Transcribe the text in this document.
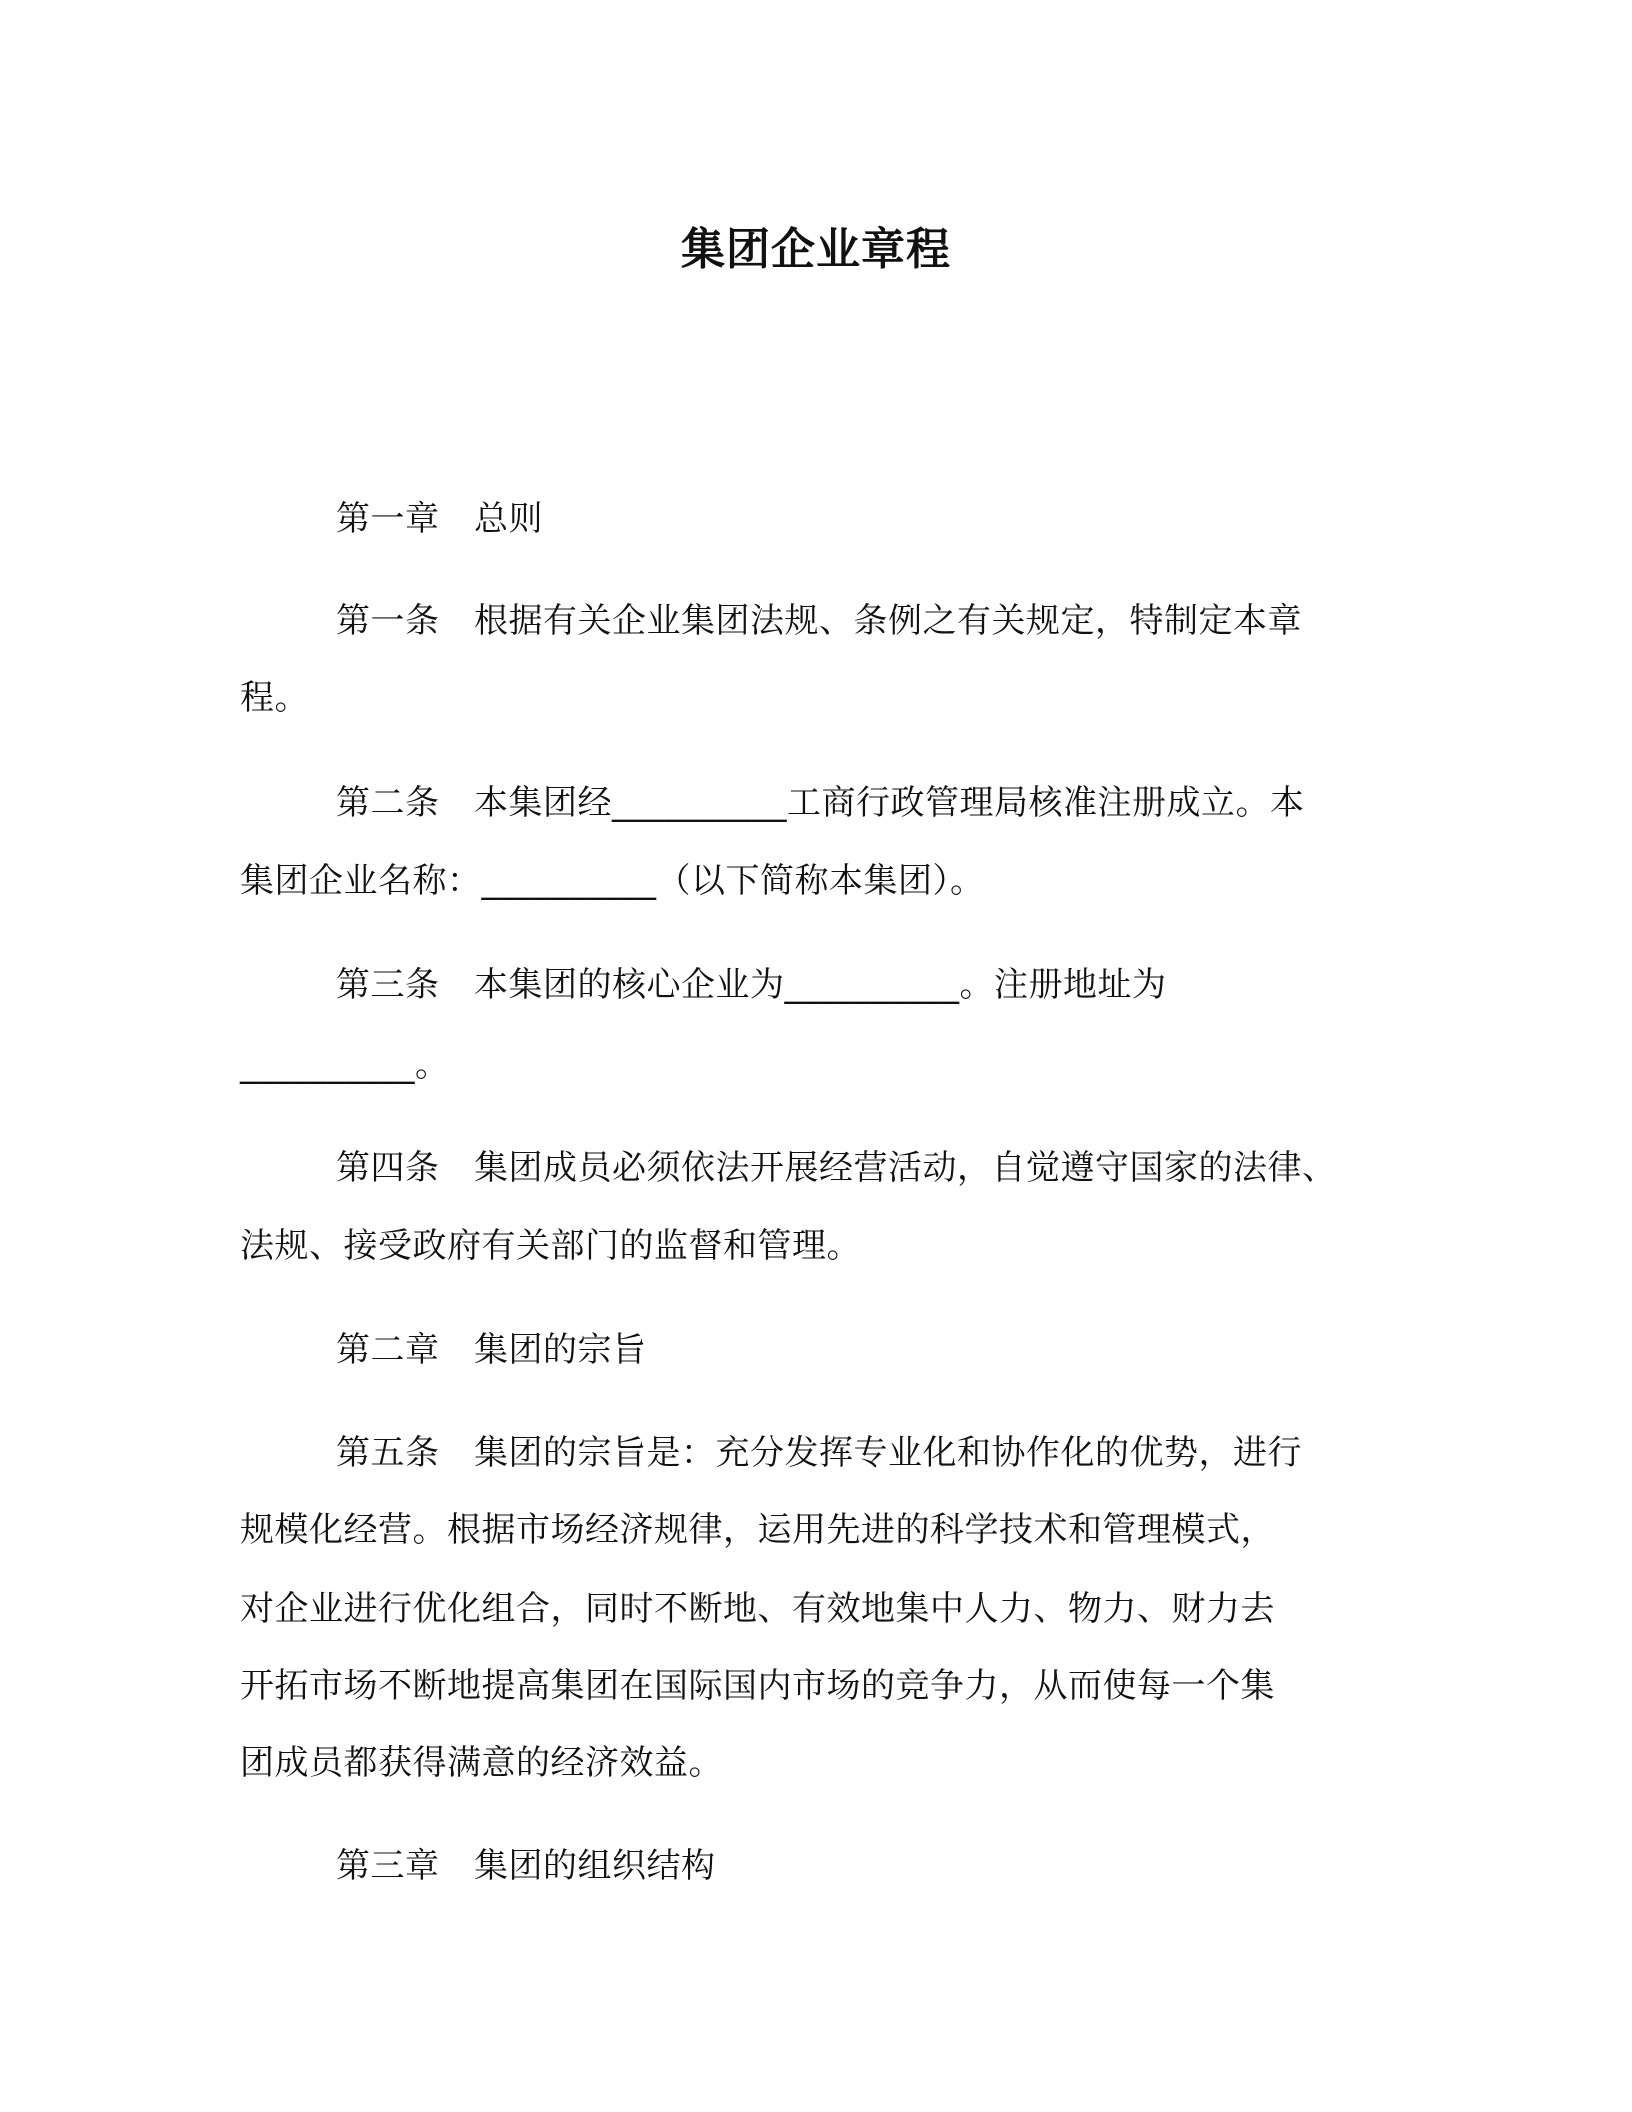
集团企业章程
第一章　总则
第一条　根据有关企业集团法规、条例之有关规定，特制定本章
程。
第二条　本集团经__________工商行政管理局核准注册成立。本
集团企业名称：__________（以下简称本集团）。
第三条　本集团的核心企业为__________。注册地址为
__________。
第四条　集团成员必须依法开展经营活动，自觉遵守国家的法律、
法规、接受政府有关部门的监督和管理。
第二章　集团的宗旨
第五条　集团的宗旨是：充分发挥专业化和协作化的优势，进行
规模化经营。根据市场经济规律，运用先进的科学技术和管理模式，
对企业进行优化组合，同时不断地、有效地集中人力、物力、财力去
开拓市场不断地提高集团在国际国内市场的竞争力，从而使每一个集
团成员都获得满意的经济效益。
第三章　集团的组织结构
